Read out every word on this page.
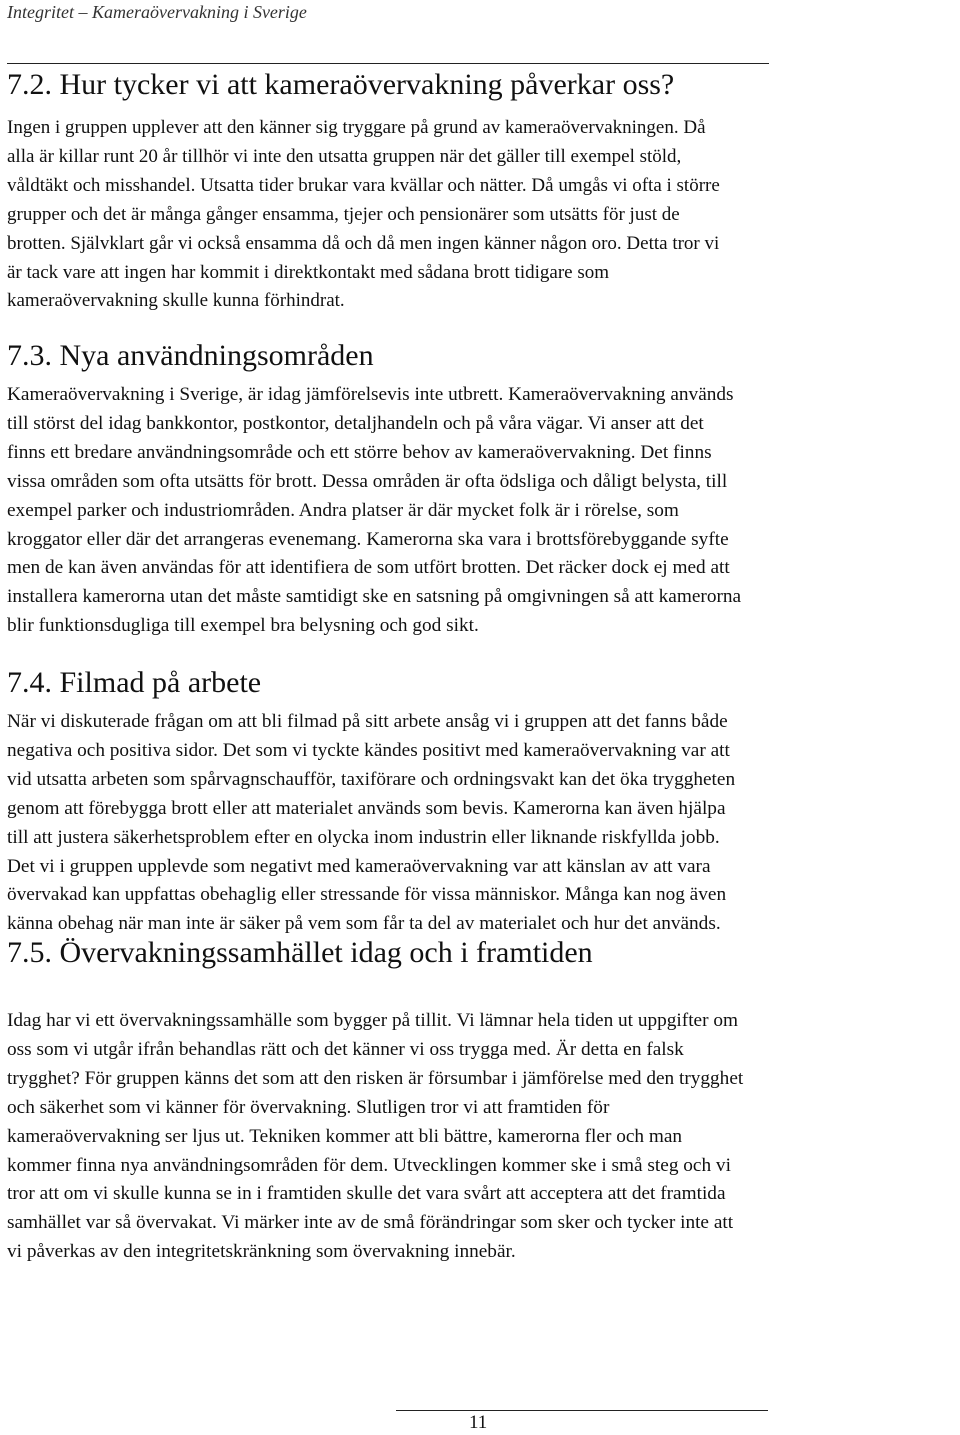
Integritet – Kameraövervakning i Sverige
7.2. Hur tycker vi att kameraövervakning påverkar oss?
Ingen i gruppen upplever att den känner sig tryggare på grund av kameraövervakningen. Då
alla är killar runt 20 år tillhör vi inte den utsatta gruppen när det gäller till exempel stöld,
våldtäkt och misshandel. Utsatta tider brukar vara kvällar och nätter. Då umgås vi ofta i större
grupper och det är många gånger ensamma, tjejer och pensionärer som utsätts för just de
brotten. Självklart går vi också ensamma då och då men ingen känner någon oro. Detta tror vi
är tack vare att ingen har kommit i direktkontakt med sådana brott tidigare som
kameraövervakning skulle kunna förhindrat.
7.3. Nya användningsområden
Kameraövervakning i Sverige, är idag jämförelsevis inte utbrett. Kameraövervakning används
till störst del idag bankkontor, postkontor, detaljhandeln och på våra vägar. Vi anser att det
finns ett bredare användningsområde och ett större behov av kameraövervakning. Det finns
vissa områden som ofta utsätts för brott. Dessa områden är ofta ödsliga och dåligt belysta, till
exempel parker och industriområden. Andra platser är där mycket folk är i rörelse, som
kroggator eller där det arrangeras evenemang. Kamerorna ska vara i brottsförebyggande syfte
men de kan även användas för att identifiera de som utfört brotten. Det räcker dock ej med att
installera kamerorna utan det måste samtidigt ske en satsning på omgivningen så att kamerorna
blir funktionsdugliga till exempel bra belysning och god sikt.
7.4. Filmad på arbete
När vi diskuterade frågan om att bli filmad på sitt arbete ansåg vi i gruppen att det fanns både
negativa och positiva sidor. Det som vi tyckte kändes positivt med kameraövervakning var att
vid utsatta arbeten som spårvagnschaufför, taxiförare och ordningsvakt kan det öka tryggheten
genom att förebygga brott eller att materialet används som bevis. Kamerorna kan även hjälpa
till att justera säkerhetsproblem efter en olycka inom industrin eller liknande riskfyllda jobb.
Det vi i gruppen upplevde som negativt med kameraövervakning var att känslan av att vara
övervakad kan uppfattas obehaglig eller stressande för vissa människor. Många kan nog även
känna obehag när man inte är säker på vem som får ta del av materialet och hur det används.
7.5. Övervakningssamhället idag och i framtiden
Idag har vi ett övervakningssamhälle som bygger på tillit. Vi lämnar hela tiden ut uppgifter om
oss som vi utgår ifrån behandlas rätt och det känner vi oss trygga med. Är detta en falsk
trygghet? För gruppen känns det som att den risken är försumbar i jämförelse med den trygghet
och säkerhet som vi känner för övervakning. Slutligen tror vi att framtiden för
kameraövervakning ser ljus ut. Tekniken kommer att bli bättre, kamerorna fler och man
kommer finna nya användningsområden för dem. Utvecklingen kommer ske i små steg och vi
tror att om vi skulle kunna se in i framtiden skulle det vara svårt att acceptera att det framtida
samhället var så övervakat. Vi märker inte av de små förändringar som sker och tycker inte att
vi påverkas av den integritetskränkning som övervakning innebär.
11
